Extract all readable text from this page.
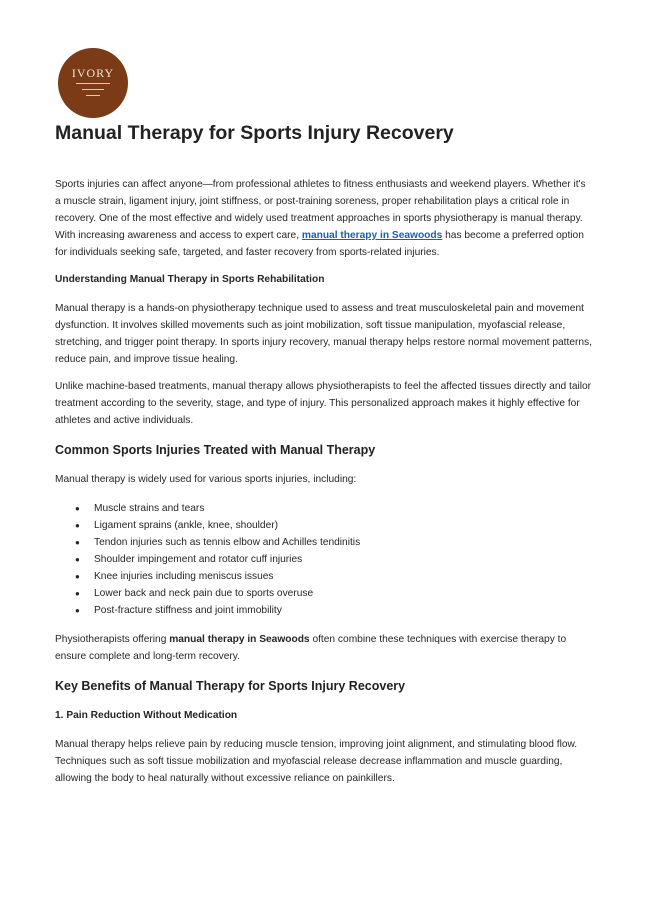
IVORY
Manual Therapy for Sports Injury Recovery

Sports injuries can affect anyone—from professional athletes to fitness enthusiasts and weekend players. Whether it's a muscle strain, ligament injury, joint stiffness, or post-training soreness, proper rehabilitation plays a critical role in recovery. One of the most effective and widely used treatment approaches in sports physiotherapy is manual therapy. With increasing awareness and access to expert care, manual therapy in Seawoods has become a preferred option for individuals seeking safe, targeted, and faster recovery from sports-related injuries.

Understanding Manual Therapy in Sports Rehabilitation

Manual therapy is a hands-on physiotherapy technique used to assess and treat musculoskeletal pain and movement dysfunction. It involves skilled movements such as joint mobilization, soft tissue manipulation, myofascial release, stretching, and trigger point therapy. In sports injury recovery, manual therapy helps restore normal movement patterns, reduce pain, and improve tissue healing.

Unlike machine-based treatments, manual therapy allows physiotherapists to feel the affected tissues directly and tailor treatment according to the severity, stage, and type of injury. This personalized approach makes it highly effective for athletes and active individuals.

Common Sports Injuries Treated with Manual Therapy

Manual therapy is widely used for various sports injuries, including:

● Muscle strains and tears
● Ligament sprains (ankle, knee, shoulder)
● Tendon injuries such as tennis elbow and Achilles tendinitis
● Shoulder impingement and rotator cuff injuries
● Knee injuries including meniscus issues
● Lower back and neck pain due to sports overuse
● Post-fracture stiffness and joint immobility

Physiotherapists offering manual therapy in Seawoods often combine these techniques with exercise therapy to ensure complete and long-term recovery.

Key Benefits of Manual Therapy for Sports Injury Recovery

1. Pain Reduction Without Medication

Manual therapy helps relieve pain by reducing muscle tension, improving joint alignment, and stimulating blood flow. Techniques such as soft tissue mobilization and myofascial release decrease inflammation and muscle guarding, allowing the body to heal naturally without excessive reliance on painkillers.
